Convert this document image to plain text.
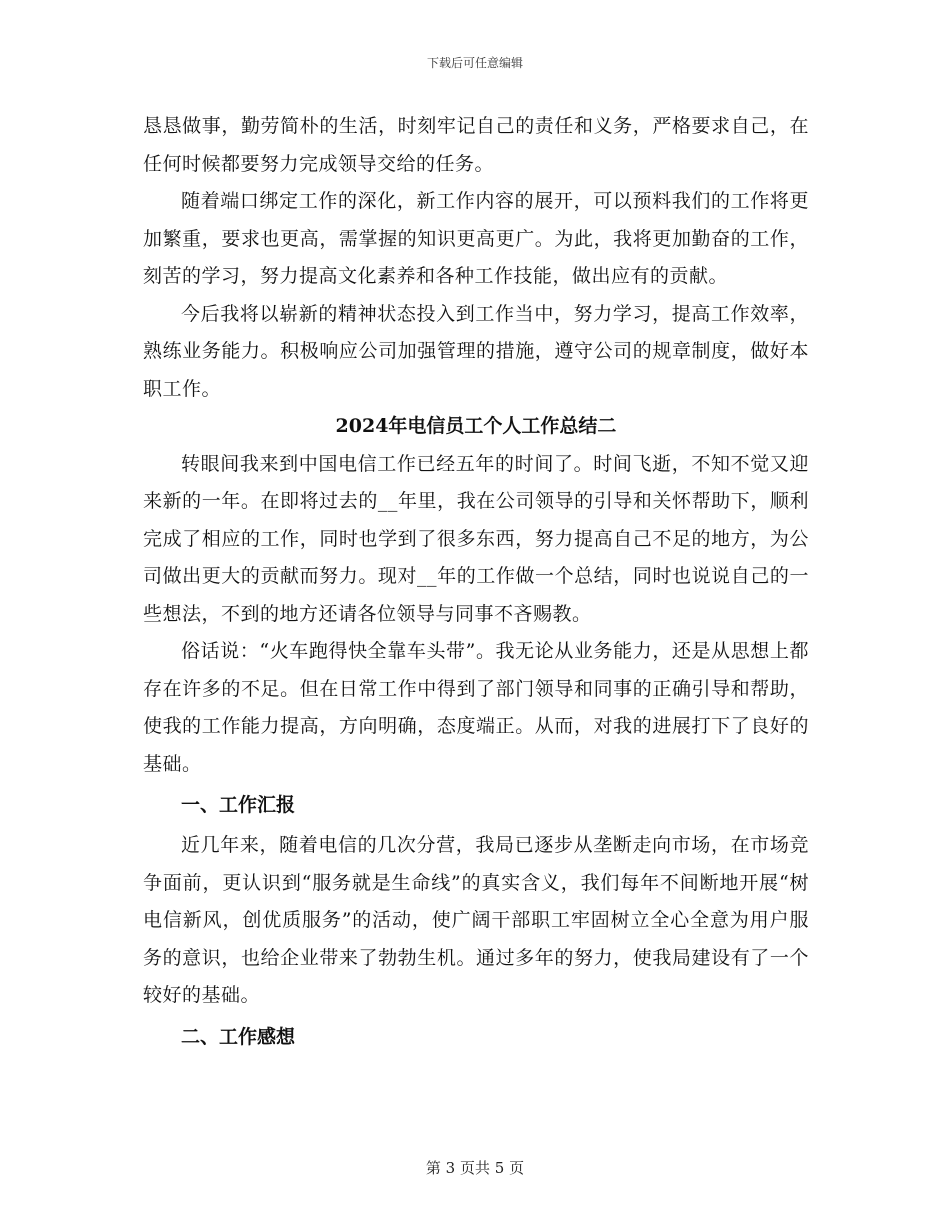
下载后可任意编辑

恳恳做事，勤劳简朴的生活，时刻牢记自己的责任和义务，严格要求自己，在任何时候都要努力完成领导交给的任务。

随着端口绑定工作的深化，新工作内容的展开，可以预料我们的工作将更加繁重，要求也更高，需掌握的知识更高更广。为此，我将更加勤奋的工作，刻苦的学习，努力提高文化素养和各种工作技能，做出应有的贡献。

今后我将以崭新的精神状态投入到工作当中，努力学习，提高工作效率，熟练业务能力。积极响应公司加强管理的措施，遵守公司的规章制度，做好本职工作。

2024年电信员工个人工作总结二

转眼间我来到中国电信工作已经五年的时间了。时间飞逝，不知不觉又迎来新的一年。在即将过去的__年里，我在公司领导的引导和关怀帮助下，顺利完成了相应的工作，同时也学到了很多东西，努力提高自己不足的地方，为公司做出更大的贡献而努力。现对__年的工作做一个总结，同时也说说自己的一些想法，不到的地方还请各位领导与同事不吝赐教。

俗话说：“火车跑得快全靠车头带”。我无论从业务能力，还是从思想上都存在许多的不足。但在日常工作中得到了部门领导和同事的正确引导和帮助，使我的工作能力提高，方向明确，态度端正。从而，对我的进展打下了良好的基础。

一、工作汇报

近几年来，随着电信的几次分营，我局已逐步从垄断走向市场，在市场竞争面前，更认识到“服务就是生命线”的真实含义，我们每年不间断地开展“树电信新风，创优质服务”的活动，使广阔干部职工牢固树立全心全意为用户服务的意识，也给企业带来了勃勃生机。通过多年的努力，使我局建设有了一个较好的基础。

二、工作感想
第 3 页共 5 页
